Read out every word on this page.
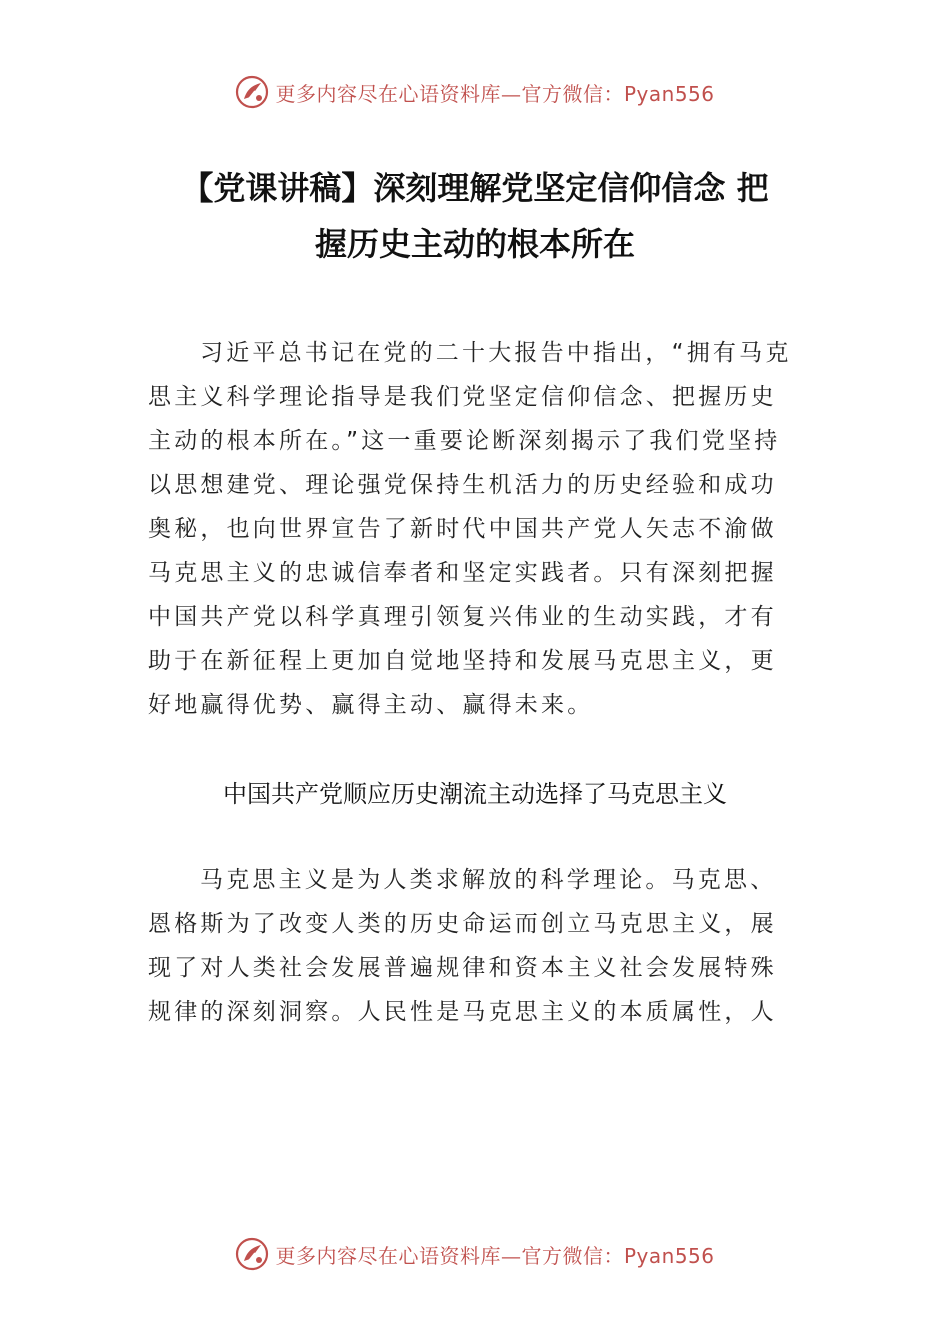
更多内容尽在心语资料库—官方微信：Pyan556
【党课讲稿】深刻理解党坚定信仰信念 把
握历史主动的根本所在

习近平总书记在党的二十大报告中指出，“拥有马克
思主义科学理论指导是我们党坚定信仰信念、把握历史
主动的根本所在。”这一重要论断深刻揭示了我们党坚持
以思想建党、理论强党保持生机活力的历史经验和成功
奥秘，也向世界宣告了新时代中国共产党人矢志不渝做
马克思主义的忠诚信奉者和坚定实践者。只有深刻把握
中国共产党以科学真理引领复兴伟业的生动实践，才有
助于在新征程上更加自觉地坚持和发展马克思主义，更
好地赢得优势、赢得主动、赢得未来。

中国共产党顺应历史潮流主动选择了马克思主义

马克思主义是为人类求解放的科学理论。马克思、
恩格斯为了改变人类的历史命运而创立马克思主义，展
现了对人类社会发展普遍规律和资本主义社会发展特殊
规律的深刻洞察。人民性是马克思主义的本质属性，人

更多内容尽在心语资料库—官方微信：Pyan556
